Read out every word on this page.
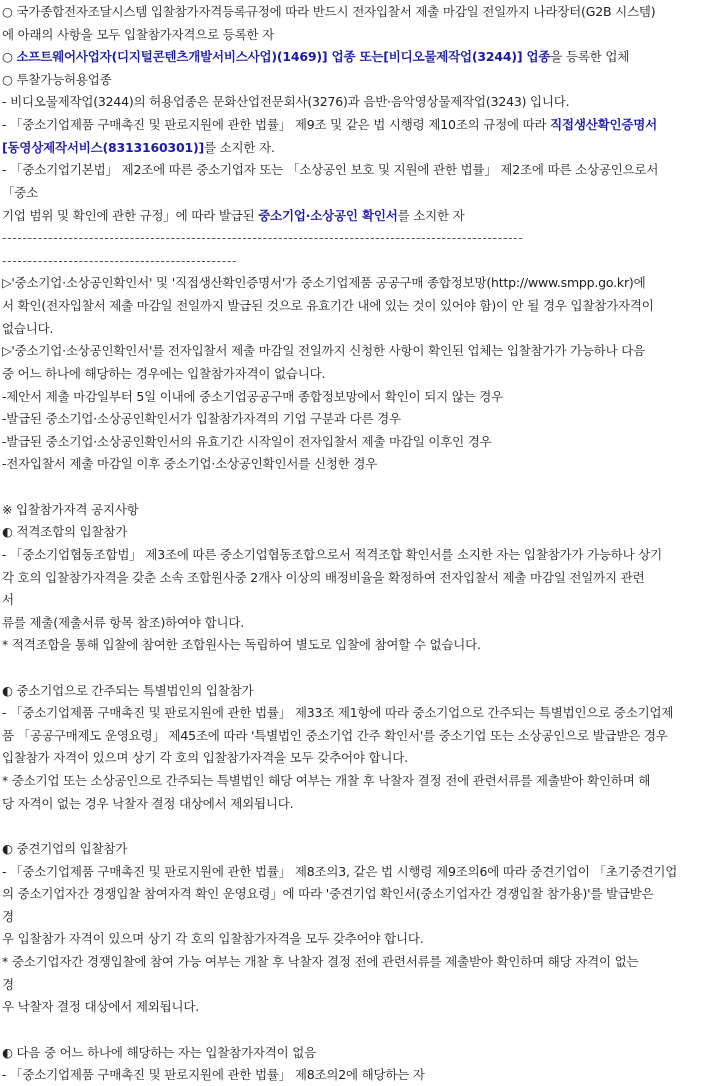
○ 국가종합전자조달시스템 입찰참가자격등록규정에 따라 반드시 전자입찰서 제출 마감일 전일까지 나라장터(G2B 시스템)
에 아래의 사항을 모두 입찰참가자격으로 등록한 자
○ 소프트웨어사업자(디지털콘텐츠개발서비스사업)(1469)] 업종 또는[비디오물제작업(3244)] 업종을 등록한 업체
○ 투찰가능허용업종
- 비디오물제작업(3244)의 허용업종은 문화산업전문회사(3276)과 음반·음악영상물제작업(3243) 입니다.
- 「중소기업제품 구매촉진 및 판로지원에 관한 법률」 제9조 및 같은 법 시행령 제10조의 규정에 따라 직접생산확인증명서
[동영상제작서비스(8313160301)]를 소지한 자.
- 「중소기업기본법」 제2조에 따른 중소기업자 또는 「소상공인 보호 및 지원에 관한 법률」 제2조에 따른 소상공인으로서
「중소
기업 범위 및 확인에 관한 규정」에 따라 발급된 중소기업·소상공인 확인서를 소지한 자
------------------------------------------------------------------------------------------------------
----------------------------------------------
▷'중소기업·소상공인확인서' 및 '직접생산확인증명서'가 중소기업제품 공공구매 종합정보망(http://www.smpp.go.kr)에
서 확인(전자입찰서 제출 마감일 전일까지 발급된 것으로 유효기간 내에 있는 것이 있어야 함)이 안 될 경우 입찰참가자격이
없습니다.
▷'중소기업·소상공인확인서'를 전자입찰서 제출 마감일 전일까지 신청한 사항이 확인된 업체는 입찰참가가 가능하나 다음
중 어느 하나에 해당하는 경우에는 입찰참가자격이 없습니다.
-제안서 제출 마감일부터 5일 이내에 중소기업공공구매 종합정보망에서 확인이 되지 않는 경우
-발급된 중소기업·소상공인확인서가 입찰참가자격의 기업 구분과 다른 경우
-발급된 중소기업·소상공인확인서의 유효기간 시작일이 전자입찰서 제출 마감일 이후인 경우
-전자입찰서 제출 마감일 이후 중소기업·소상공인확인서를 신청한 경우
※ 입찰참가자격 공지사항
◐ 적격조합의 입찰참가
- 「중소기업협동조합법」 제3조에 따른 중소기업협동조합으로서 적격조합 확인서를 소지한 자는 입찰참가가 가능하나 상기
각 호의 입찰참가자격을 갖춘 소속 조합원사중 2개사 이상의 배정비율을 확정하여 전자입찰서 제출 마감일 전일까지 관련
서
류를 제출(제출서류 항목 참조)하여야 합니다.
* 적격조합을 통해 입찰에 참여한 조합원사는 독립하여 별도로 입찰에 참여할 수 없습니다.
◐ 중소기업으로 간주되는 특별법인의 입찰참가
- 「중소기업제품 구매촉진 및 판로지원에 관한 법률」 제33조 제1항에 따라 중소기업으로 간주되는 특별법인으로 중소기업제
품 「공공구매제도 운영요령」 제45조에 따라 '특별법인 중소기업 간주 확인서'를 중소기업 또는 소상공인으로 발급받은 경우
입찰참가 자격이 있으며 상기 각 호의 입찰참가자격을 모두 갖추어야 합니다.
* 중소기업 또는 소상공인으로 간주되는 특별법인 해당 여부는 개찰 후 낙찰자 결정 전에 관련서류를 제출받아 확인하며 해
당 자격이 없는 경우 낙찰자 결정 대상에서 제외됩니다.
◐ 중견기업의 입찰참가
- 「중소기업제품 구매촉진 및 판로지원에 관한 법률」 제8조의3, 같은 법 시행령 제9조의6에 따라 중견기업이 「초기중견기업
의 중소기업자간 경쟁입찰 참여자격 확인 운영요령」에 따라 '중견기업 확인서(중소기업자간 경쟁입찰 참가용)'를 발급받은
경
우 입찰참가 자격이 있으며 상기 각 호의 입찰참가자격을 모두 갖추어야 합니다.
* 중소기업자간 경쟁입찰에 참여 가능 여부는 개찰 후 낙찰자 결정 전에 관련서류를 제출받아 확인하며 해당 자격이 없는
경
우 낙찰자 결정 대상에서 제외됩니다.
◐ 다음 중 어느 하나에 해당하는 자는 입찰참가자격이 없음
- 「중소기업제품 구매촉진 및 판로지원에 관한 법률」 제8조의2에 해당하는 자
